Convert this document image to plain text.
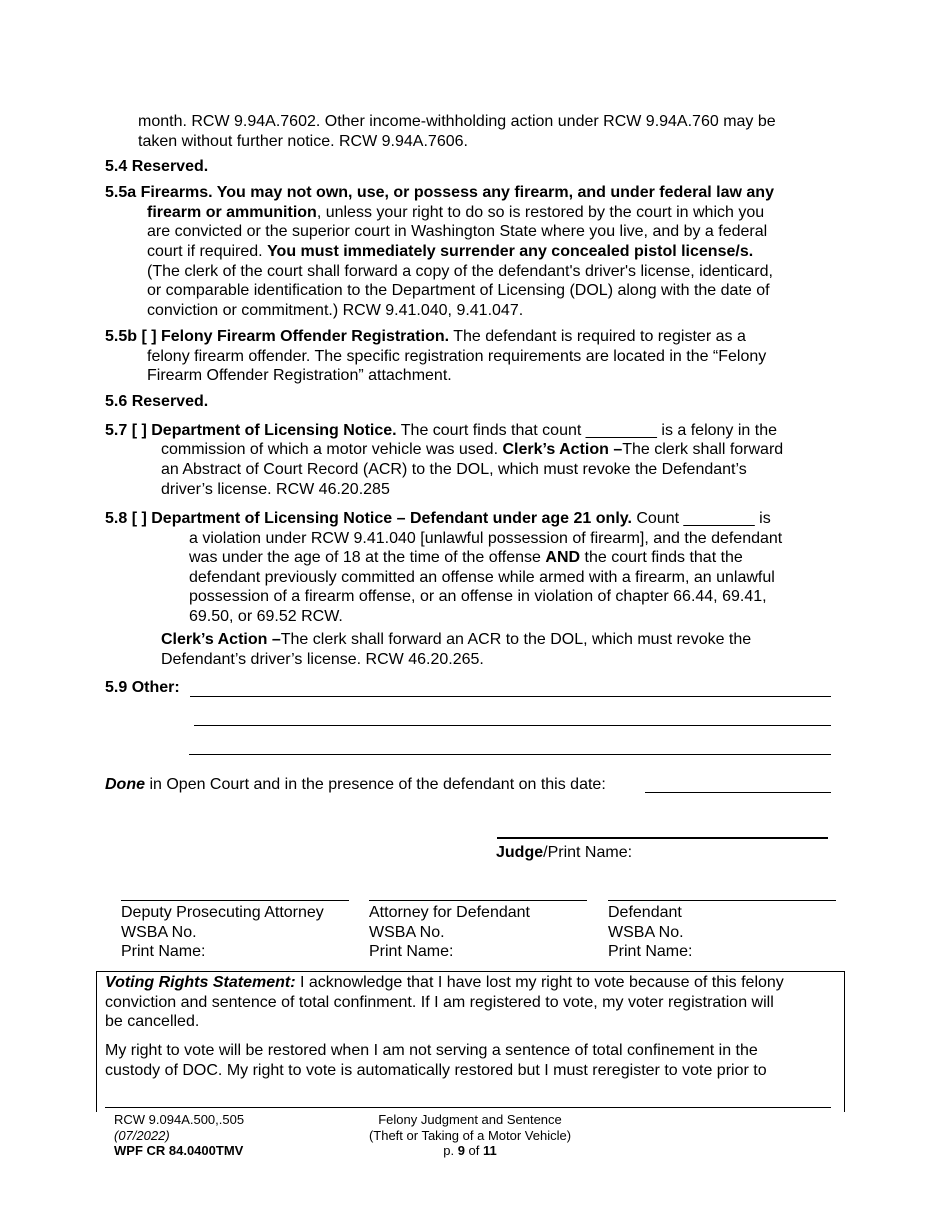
month. RCW 9.94A.7602. Other income-withholding action under RCW 9.94A.760 may be

taken without further notice. RCW 9.94A.7606.

5.4 Reserved.

5.5a Firearms. You may not own, use, or possess any firearm, and under federal law any

firearm or ammunition, unless your right to do so is restored by the court in which you

are convicted or the superior court in Washington State where you live, and by a federal

court if required. You must immediately surrender any concealed pistol license/s.

(The clerk of the court shall forward a copy of the defendant's driver's license, identicard,

or comparable identification to the Department of Licensing (DOL) along with the date of

conviction or commitment.) RCW 9.41.040, 9.41.047.

5.5b [ ] Felony Firearm Offender Registration. The defendant is required to register as a

felony firearm offender. The specific registration requirements are located in the “Felony

Firearm Offender Registration” attachment.

5.6 Reserved.

5.7 [ ] Department of Licensing Notice. The court finds that count ________ is a felony in the

commission of which a motor vehicle was used. Clerk’s Action –The clerk shall forward

an Abstract of Court Record (ACR) to the DOL, which must revoke the Defendant’s

driver’s license. RCW 46.20.285

5.8 [ ] Department of Licensing Notice – Defendant under age 21 only. Count ________ is

a violation under RCW 9.41.040 [unlawful possession of firearm], and the defendant

was under the age of 18 at the time of the offense AND the court finds that the

defendant previously committed an offense while armed with a firearm, an unlawful

possession of a firearm offense, or an offense in violation of chapter 66.44, 69.41,

69.50, or 69.52 RCW.

Clerk’s Action –The clerk shall forward an ACR to the DOL, which must revoke the

Defendant’s driver’s license. RCW 46.20.265.

5.9 Other:

Done in Open Court and in the presence of the defendant on this date:

Judge/Print Name:

Deputy Prosecuting Attorney

WSBA No.

Print Name:

Attorney for Defendant

WSBA No.

Print Name:

Defendant

WSBA No.

Print Name:

Voting Rights Statement: I acknowledge that I have lost my right to vote because of this felony

conviction and sentence of total confinment. If I am registered to vote, my voter registration will

be cancelled.

My right to vote will be restored when I am not serving a sentence of total confinement in the

custody of DOC. My right to vote is automatically restored but I must reregister to vote prior to

RCW 9.094A.500,.505

(07/2022)

WPF CR 84.0400TMV

Felony Judgment and Sentence

(Theft or Taking of a Motor Vehicle)

p. 9 of 11
